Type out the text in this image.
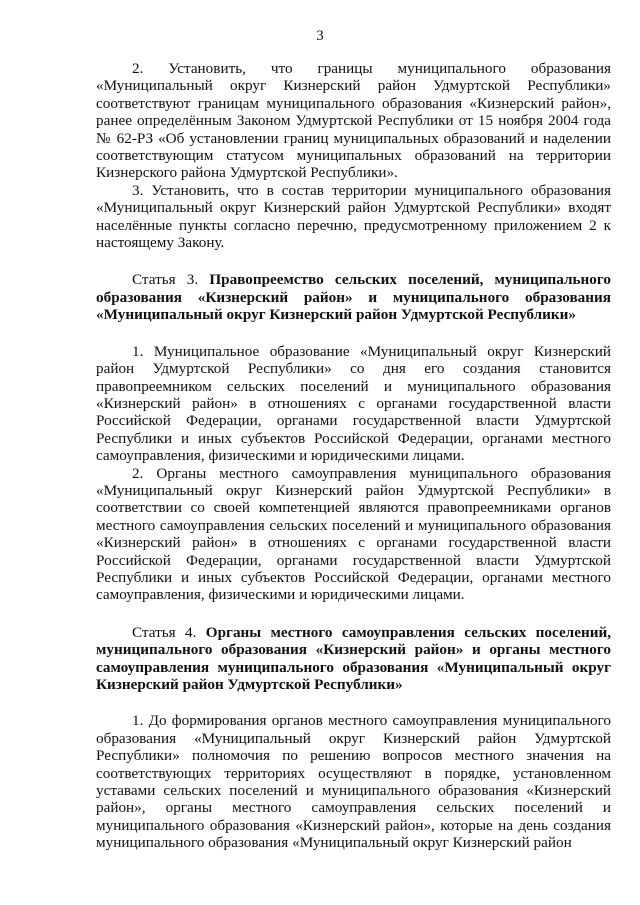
3

2. Установить, что границы муниципального образования «Муниципальный округ Кизнерский район Удмуртской Республики» соответствуют границам муниципального образования «Кизнерский район», ранее определённым Законом Удмуртской Республики от 15 ноября 2004 года № 62-РЗ «Об установлении границ муниципальных образований и наделении соответствующим статусом муниципальных образований на территории Кизнерского района Удмуртской Республики».

3. Установить, что в состав территории муниципального образования «Муниципальный округ Кизнерский район Удмуртской Республики» входят населённые пункты согласно перечню, предусмотренному приложением 2 к настоящему Закону.

Статья 3. Правопреемство сельских поселений, муниципального образования «Кизнерский район» и муниципального образования «Муниципальный округ Кизнерский район Удмуртской Республики»

1. Муниципальное образование «Муниципальный округ Кизнерский район Удмуртской Республики» со дня его создания становится правопреемником сельских поселений и муниципального образования «Кизнерский район» в отношениях с органами государственной власти Российской Федерации, органами государственной власти Удмуртской Республики и иных субъектов Российской Федерации, органами местного самоуправления, физическими и юридическими лицами.

2. Органы местного самоуправления муниципального образования «Муниципальный округ Кизнерский район Удмуртской Республики» в соответствии со своей компетенцией являются правопреемниками органов местного самоуправления сельских поселений и муниципального образования «Кизнерский район» в отношениях с органами государственной власти Российской Федерации, органами государственной власти Удмуртской Республики и иных субъектов Российской Федерации, органами местного самоуправления, физическими и юридическими лицами.

Статья 4. Органы местного самоуправления сельских поселений, муниципального образования «Кизнерский район» и органы местного самоуправления муниципального образования «Муниципальный округ Кизнерский район Удмуртской Республики»

1. До формирования органов местного самоуправления муниципального образования «Муниципальный округ Кизнерский район Удмуртской Республики» полномочия по решению вопросов местного значения на соответствующих территориях осуществляют в порядке, установленном уставами сельских поселений и муниципального образования «Кизнерский район», органы местного самоуправления сельских поселений и муниципального образования «Кизнерский район», которые на день создания муниципального образования «Муниципальный округ Кизнерский район
